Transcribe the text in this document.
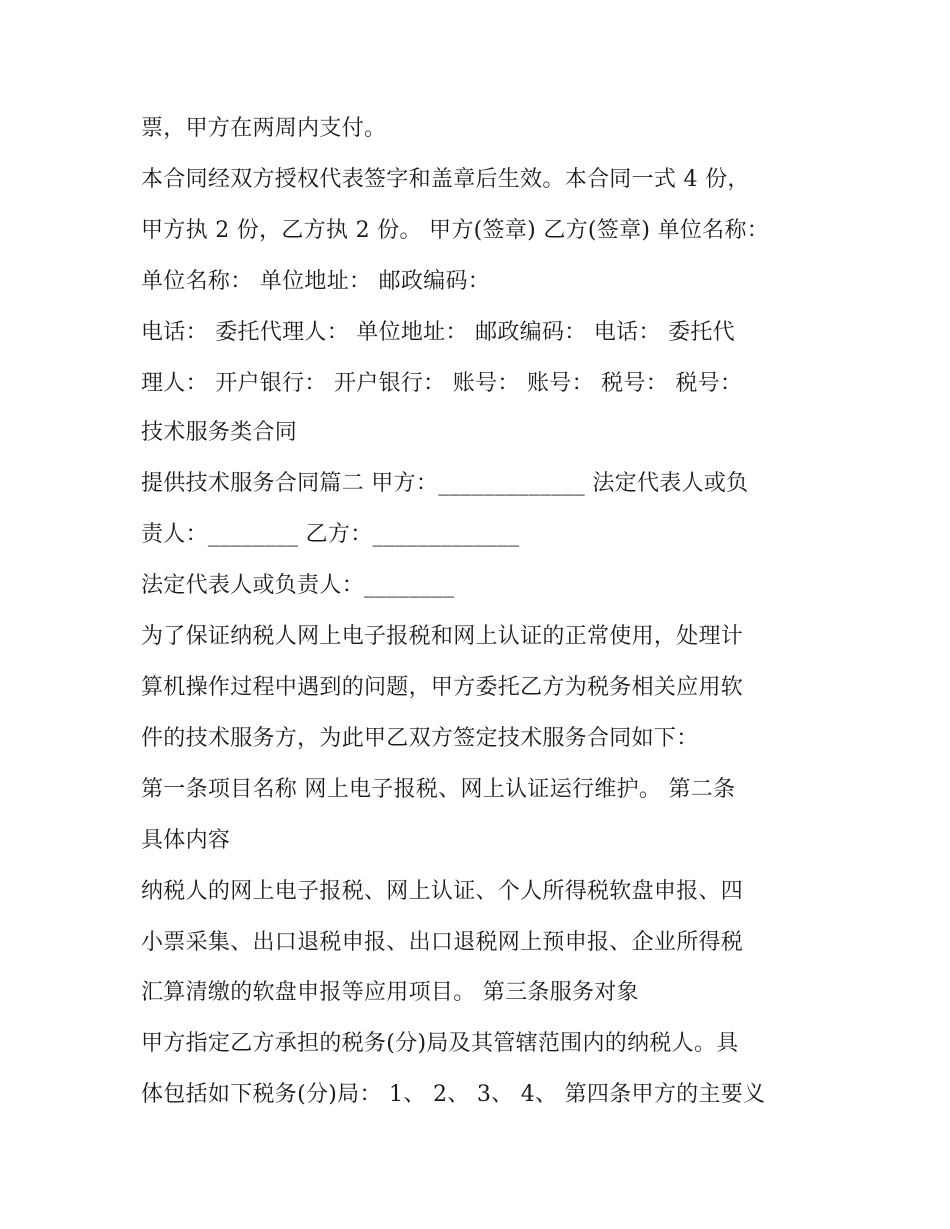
票，甲方在两周内支付。
本合同经双方授权代表签字和盖章后生效。本合同一式 4 份，
甲方执 2 份，乙方执 2 份。 甲方(签章) 乙方(签章) 单位名称：
单位名称： 单位地址： 邮政编码：
电话： 委托代理人： 单位地址： 邮政编码： 电话： 委托代
理人： 开户银行： 开户银行： 账号： 账号： 税号： 税号：
技术服务类合同
提供技术服务合同篇二 甲方：_____________ 法定代表人或负
责人：________ 乙方：_____________
法定代表人或负责人：________
为了保证纳税人网上电子报税和网上认证的正常使用，处理计
算机操作过程中遇到的问题，甲方委托乙方为税务相关应用软
件的技术服务方，为此甲乙双方签定技术服务合同如下：
第一条项目名称 网上电子报税、网上认证运行维护。 第二条
具体内容
纳税人的网上电子报税、网上认证、个人所得税软盘申报、四
小票采集、出口退税申报、出口退税网上预申报、企业所得税
汇算清缴的软盘申报等应用项目。 第三条服务对象
甲方指定乙方承担的税务(分)局及其管辖范围内的纳税人。具
体包括如下税务(分)局： 1、 2、 3、 4、 第四条甲方的主要义
